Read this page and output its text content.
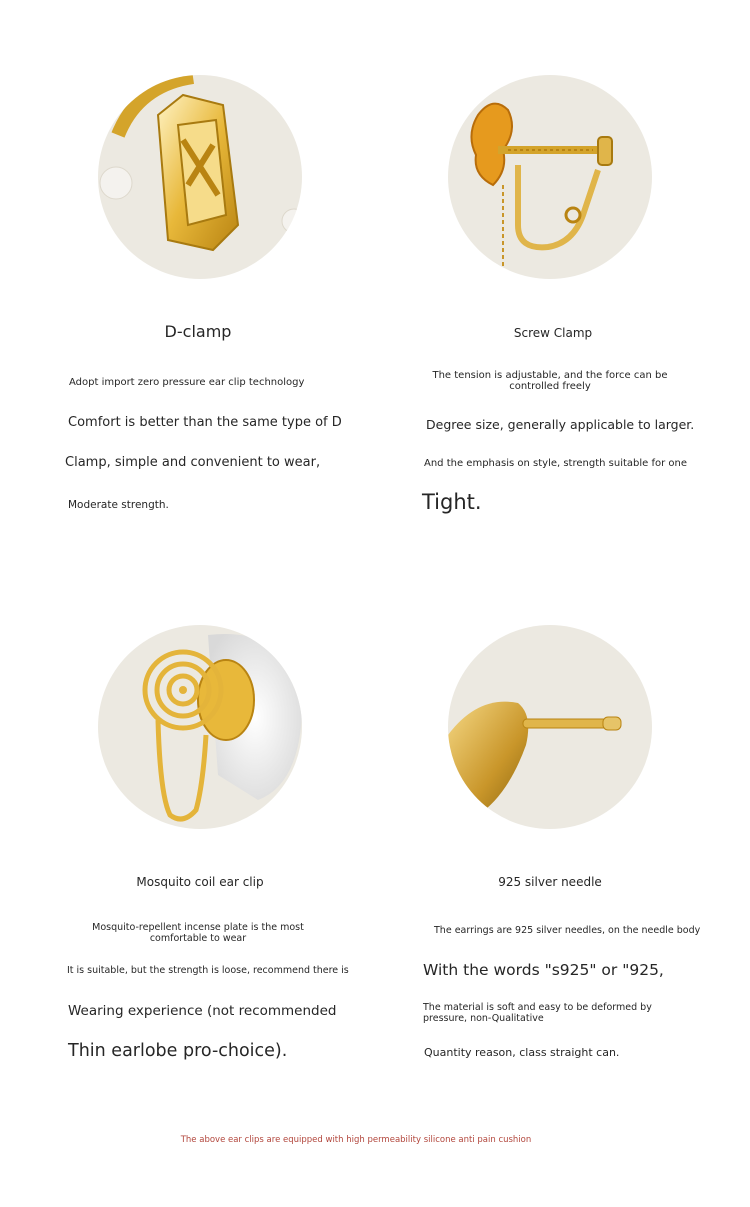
D-clamp
Adopt import zero pressure ear clip technology
Comfort is better than the same type of D
Clamp, simple and convenient to wear,
Moderate strength.
Screw Clamp
The tension is adjustable, and the force can be controlled freely
Degree size, generally applicable to larger.
And the emphasis on style, strength suitable for one
Tight.
Mosquito coil ear clip
Mosquito-repellent incense plate is the most comfortable to wear
It is suitable, but the strength is loose, recommend there is
Wearing experience (not recommended
Thin earlobe pro-choice).
925 silver needle
The earrings are 925 silver needles, on the needle body
With the words "s925" or "925,
The material is soft and easy to be deformed by pressure, non-Qualitative
Quantity reason, class straight can.
The above ear clips are equipped with high permeability silicone anti pain cushion
